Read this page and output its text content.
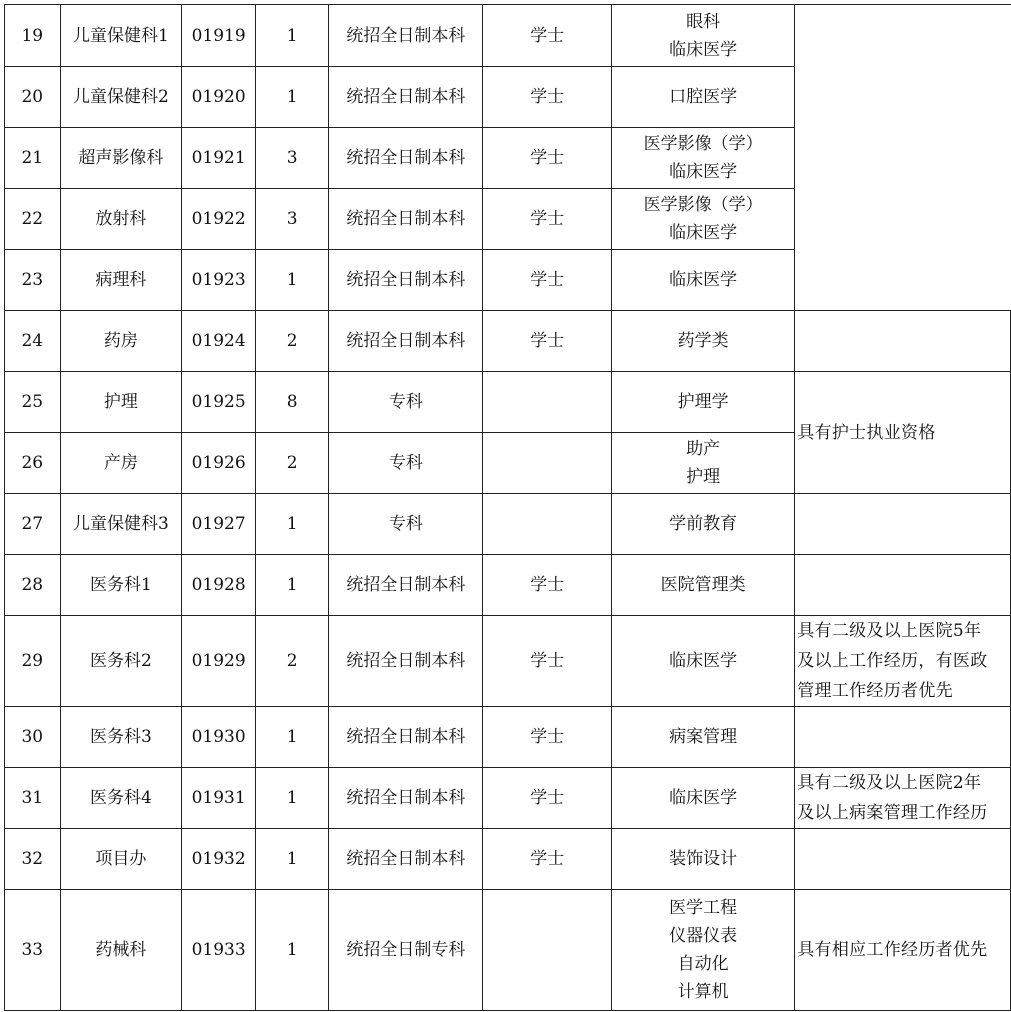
19	儿童保健科1	01919	1	统招全日制本科	学士	眼科
临床医学	

20	儿童保健科2	01920	1	统招全日制本科	学士	口腔医学	

21	超声影像科	01921	3	统招全日制本科	学士	医学影像（学）
临床医学	

22	放射科	01922	3	统招全日制本科	学士	医学影像（学）
临床医学	

23	病理科	01923	1	统招全日制本科	学士	临床医学	

24	药房	01924	2	统招全日制本科	学士	药学类	

25	护理	01925	8	专科		护理学	具有护士执业资格

26	产房	01926	2	专科		助产
护理	

27	儿童保健科3	01927	1	专科		学前教育	

28	医务科1	01928	1	统招全日制本科	学士	医院管理类	

29	医务科2	01929	2	统招全日制本科	学士	临床医学	具有二级及以上医院5年
及以上工作经历，有医政
管理工作经历者优先

30	医务科3	01930	1	统招全日制本科	学士	病案管理	

31	医务科4	01931	1	统招全日制本科	学士	临床医学	具有二级及以上医院2年
及以上病案管理工作经历

32	项目办	01932	1	统招全日制本科	学士	装饰设计	

33	药械科	01933	1	统招全日制专科		医学工程
仪器仪表
自动化
计算机	具有相应工作经历者优先
